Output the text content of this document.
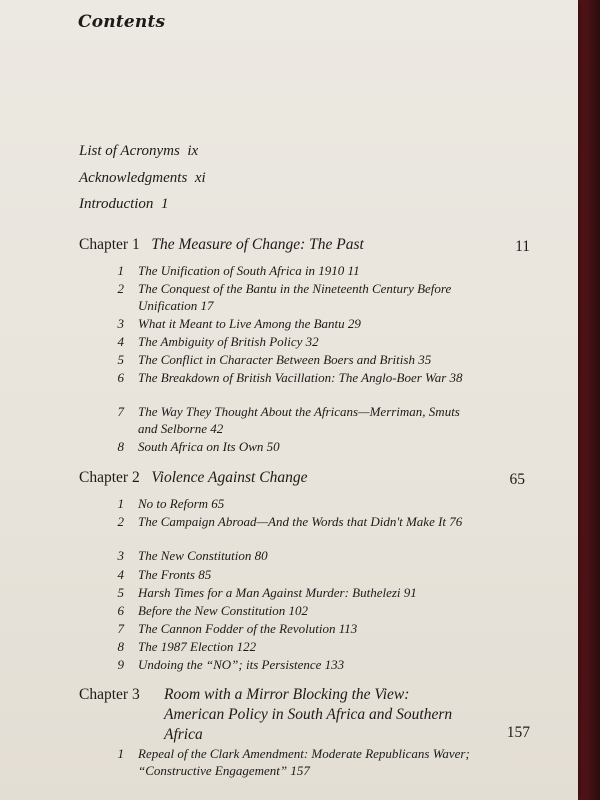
Contents
List of Acronyms ix
Acknowledgments xi
Introduction 1
Chapter 1 The Measure of Change: The Past	11
1 The Unification of South Africa in 1910 11
2 The Conquest of the Bantu in the Nineteenth Century Before Unification 17
3 What it Meant to Live Among the Bantu 29
4 The Ambiguity of British Policy 32
5 The Conflict in Character Between Boers and British 35
6 The Breakdown of British Vacillation: The Anglo-Boer War 38
7 The Way They Thought About the Africans—Merriman, Smuts and Selborne 42
8 South Africa on Its Own 50
Chapter 2 Violence Against Change	65
1 No to Reform 65
2 The Campaign Abroad—And the Words that Didn't Make It 76
3 The New Constitution 80
4 The Fronts 85
5 Harsh Times for a Man Against Murder: Buthelezi 91
6 Before the New Constitution 102
7 The Cannon Fodder of the Revolution 113
8 The 1987 Election 122
9 Undoing the “NO”; its Persistence 133
Chapter 3 Room with a Mirror Blocking the View: American Policy in South Africa and Southern Africa	157
1 Repeal of the Clark Amendment: Moderate Republicans Waver; “Constructive Engagement” 157
